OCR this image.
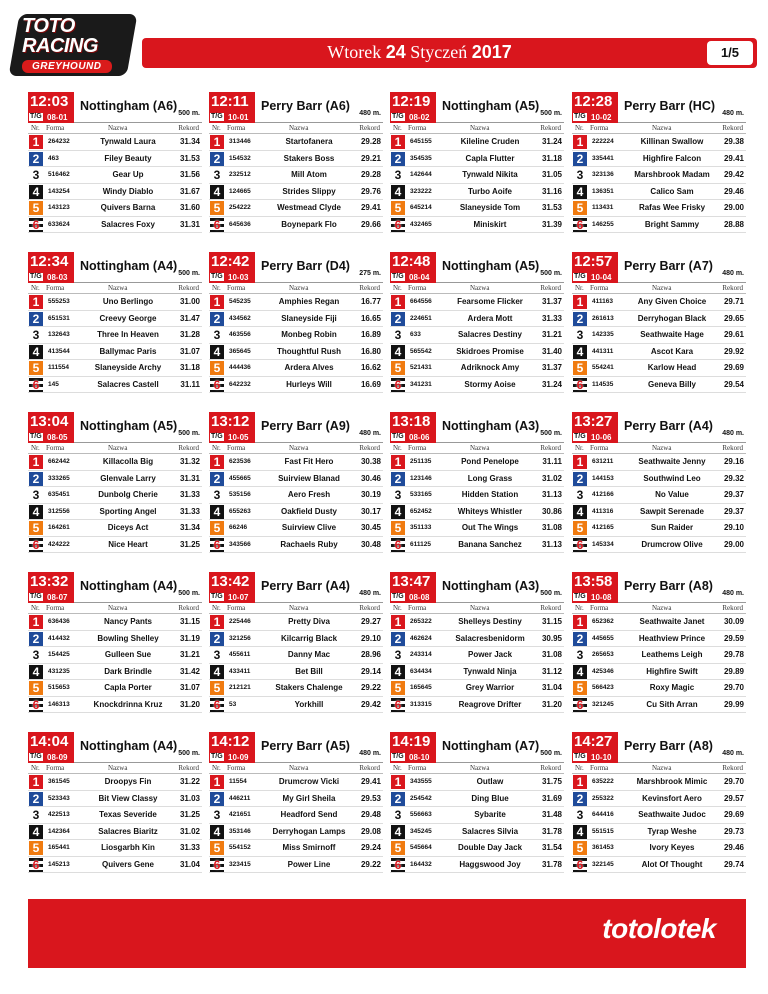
TOTO
RACING
GREYHOUND
Wtorek 24 Styczeń 2017	1/5
12:03
T/G 08-01
Nottingham (A6)
500 m.
Nr. Forma	Nazwa	Rekord
1	264232	Tynwald Laura	31.34
2	463	Filey Beauty	31.53
3	516462	Gear Up	31.56
4	143254	Windy Diablo	31.67
5	143123	Quivers Barna	31.60
6	633624	Salacres Foxy	31.31
12:11
T/G 10-01
Perry Barr (A6)
480 m.
Nr. Forma	Nazwa	Rekord
1	313446	Startofanera	29.28
2	154532	Stakers Boss	29.21
3	232512	Mill Atom	29.28
4	124665	Strides Slippy	29.76
5	254222	Westmead Clyde	29.41
6	645636	Boynepark Flo	29.66
12:19
T/G 08-02
Nottingham (A5)
500 m.
Nr. Forma	Nazwa	Rekord
1	645155	Kileline Cruden	31.24
2	354535	Capla Flutter	31.18
3	142644	Tynwald Nikita	31.05
4	323222	Turbo Aoife	31.16
5	645214	Slaneyside Tom	31.53
6	432465	Miniskirt	31.39
12:28
T/G 10-02
Perry Barr (HC)
480 m.
Nr. Forma	Nazwa	Rekord
1	222224	Killinan Swallow	29.38
2	335441	Highfire Falcon	29.41
3	323136	Marshbrook Madam	29.42
4	136351	Calico Sam	29.46
5	113431	Rafas Wee Frisky	29.00
6	146255	Bright Sammy	28.88
12:34
T/G 08-03
Nottingham (A4)
500 m.
Nr. Forma	Nazwa	Rekord
1	555253	Uno Berlingo	31.00
2	651531	Creevy George	31.47
3	132643	Three In Heaven	31.28
4	413544	Ballymac Paris	31.07
5	111554	Slaneyside Archy	31.18
6	145	Salacres Castell	31.11
12:42
T/G 10-03
Perry Barr (D4)
275 m.
Nr. Forma	Nazwa	Rekord
1	545235	Amphies Regan	16.77
2	434562	Slaneyside Fiji	16.65
3	463556	Monbeg Robin	16.89
4	365645	Thoughtful Rush	16.80
5	444436	Ardera Alves	16.62
6	642232	Hurleys Will	16.69
12:48
T/G 08-04
Nottingham (A5)
500 m.
Nr. Forma	Nazwa	Rekord
1	664556	Fearsome Flicker	31.37
2	224651	Ardera Mott	31.33
3	633	Salacres Destiny	31.21
4	565542	Skidroes Promise	31.40
5	521431	Adriknock Amy	31.37
6	341231	Stormy Aoise	31.24
12:57
T/G 10-04
Perry Barr (A7)
480 m.
Nr. Forma	Nazwa	Rekord
1	411163	Any Given Choice	29.71
2	261613	Derryhogan Black	29.65
3	142335	Seathwaite Hage	29.61
4	441311	Ascot Kara	29.92
5	554241	Karlow Head	29.69
6	114535	Geneva Billy	29.54
13:04
T/G 08-05
Nottingham (A5)
500 m.
Nr. Forma	Nazwa	Rekord
1	662442	Killacolla Big	31.32
2	333265	Glenvale Larry	31.31
3	635451	Dunbolg Cherie	31.33
4	312556	Sporting Angel	31.33
5	164261	Diceys Act	31.34
6	424222	Nice Heart	31.25
13:12
T/G 10-05
Perry Barr (A9)
480 m.
Nr. Forma	Nazwa	Rekord
1	623536	Fast Fit Hero	30.38
2	455665	Suirview Blanad	30.46
3	535156	Aero Fresh	30.19
4	655263	Oakfield Dusty	30.17
5	66246	Suirview Clive	30.45
6	343566	Rachaels Ruby	30.48
13:18
T/G 08-06
Nottingham (A3)
500 m.
Nr. Forma	Nazwa	Rekord
1	251135	Pond Penelope	31.11
2	123146	Long Grass	31.02
3	533165	Hidden Station	31.13
4	652452	Whiteys Whistler	30.86
5	351133	Out The Wings	31.08
6	611125	Banana Sanchez	31.13
13:27
T/G 10-06
Perry Barr (A4)
480 m.
Nr. Forma	Nazwa	Rekord
1	631211	Seathwaite Jenny	29.16
2	144153	Southwind Leo	29.32
3	412166	No Value	29.37
4	411316	Sawpit Serenade	29.37
5	412165	Sun Raider	29.10
6	145334	Drumcrow Olive	29.00
13:32
T/G 08-07
Nottingham (A4)
500 m.
Nr. Forma	Nazwa	Rekord
1	636436	Nancy Pants	31.15
2	414432	Bowling Shelley	31.19
3	154425	Gulleen Sue	31.21
4	431235	Dark Brindle	31.42
5	515653	Capla Porter	31.07
6	146313	Knockdrinna Kruz	31.20
13:42
T/G 10-07
Perry Barr (A4)
480 m.
Nr. Forma	Nazwa	Rekord
1	225446	Pretty Diva	29.27
2	321256	Kilcarrig Black	29.10
3	455611	Danny Mac	28.96
4	433411	Bet Bill	29.14
5	212121	Stakers Chalenge	29.22
6	53	Yorkhill	29.42
13:47
T/G 08-08
Nottingham (A3)
500 m.
Nr. Forma	Nazwa	Rekord
1	265322	Shelleys Destiny	31.15
2	462624	Salacresbenidorm	30.95
3	243314	Power Jack	31.08
4	634434	Tynwald Ninja	31.12
5	165645	Grey Warrior	31.04
6	313315	Reagrove Drifter	31.20
13:58
T/G 10-08
Perry Barr (A8)
480 m.
Nr. Forma	Nazwa	Rekord
1	652362	Seathwaite Janet	30.09
2	445655	Heathview Prince	29.59
3	265653	Leathems Leigh	29.78
4	425346	Highfire Swift	29.89
5	566423	Roxy Magic	29.70
6	321245	Cu Sith Arran	29.99
14:04
T/G 08-09
Nottingham (A4)
500 m.
Nr. Forma	Nazwa	Rekord
1	361545	Droopys Fin	31.22
2	523343	Bit View Classy	31.03
3	422513	Texas Severide	31.25
4	142364	Salacres Biaritz	31.02
5	165441	Liosgarbh Kin	31.33
6	145213	Quivers Gene	31.04
14:12
T/G 10-09
Perry Barr (A5)
480 m.
Nr. Forma	Nazwa	Rekord
1	11554	Drumcrow Vicki	29.41
2	446211	My Girl Sheila	29.53
3	421651	Headford Send	29.48
4	353146	Derryhogan Lamps	29.08
5	554152	Miss Smirnoff	29.24
6	323415	Power Line	29.22
14:19
T/G 08-10
Nottingham (A7)
500 m.
Nr. Forma	Nazwa	Rekord
1	343555	Outlaw	31.75
2	254542	Ding Blue	31.69
3	556663	Sybarite	31.48
4	345245	Salacres Silvia	31.78
5	545664	Double Day Jack	31.54
6	164432	Haggswood Joy	31.78
14:27
T/G 10-10
Perry Barr (A8)
480 m.
Nr. Forma	Nazwa	Rekord
1	635222	Marshbrook Mimic	29.70
2	255322	Kevinsfort Aero	29.57
3	644416	Seathwaite Judoc	29.69
4	551515	Tyrap Weshe	29.73
5	361453	Ivory Keyes	29.46
6	322145	Alot Of Thought	29.74
totolotek
